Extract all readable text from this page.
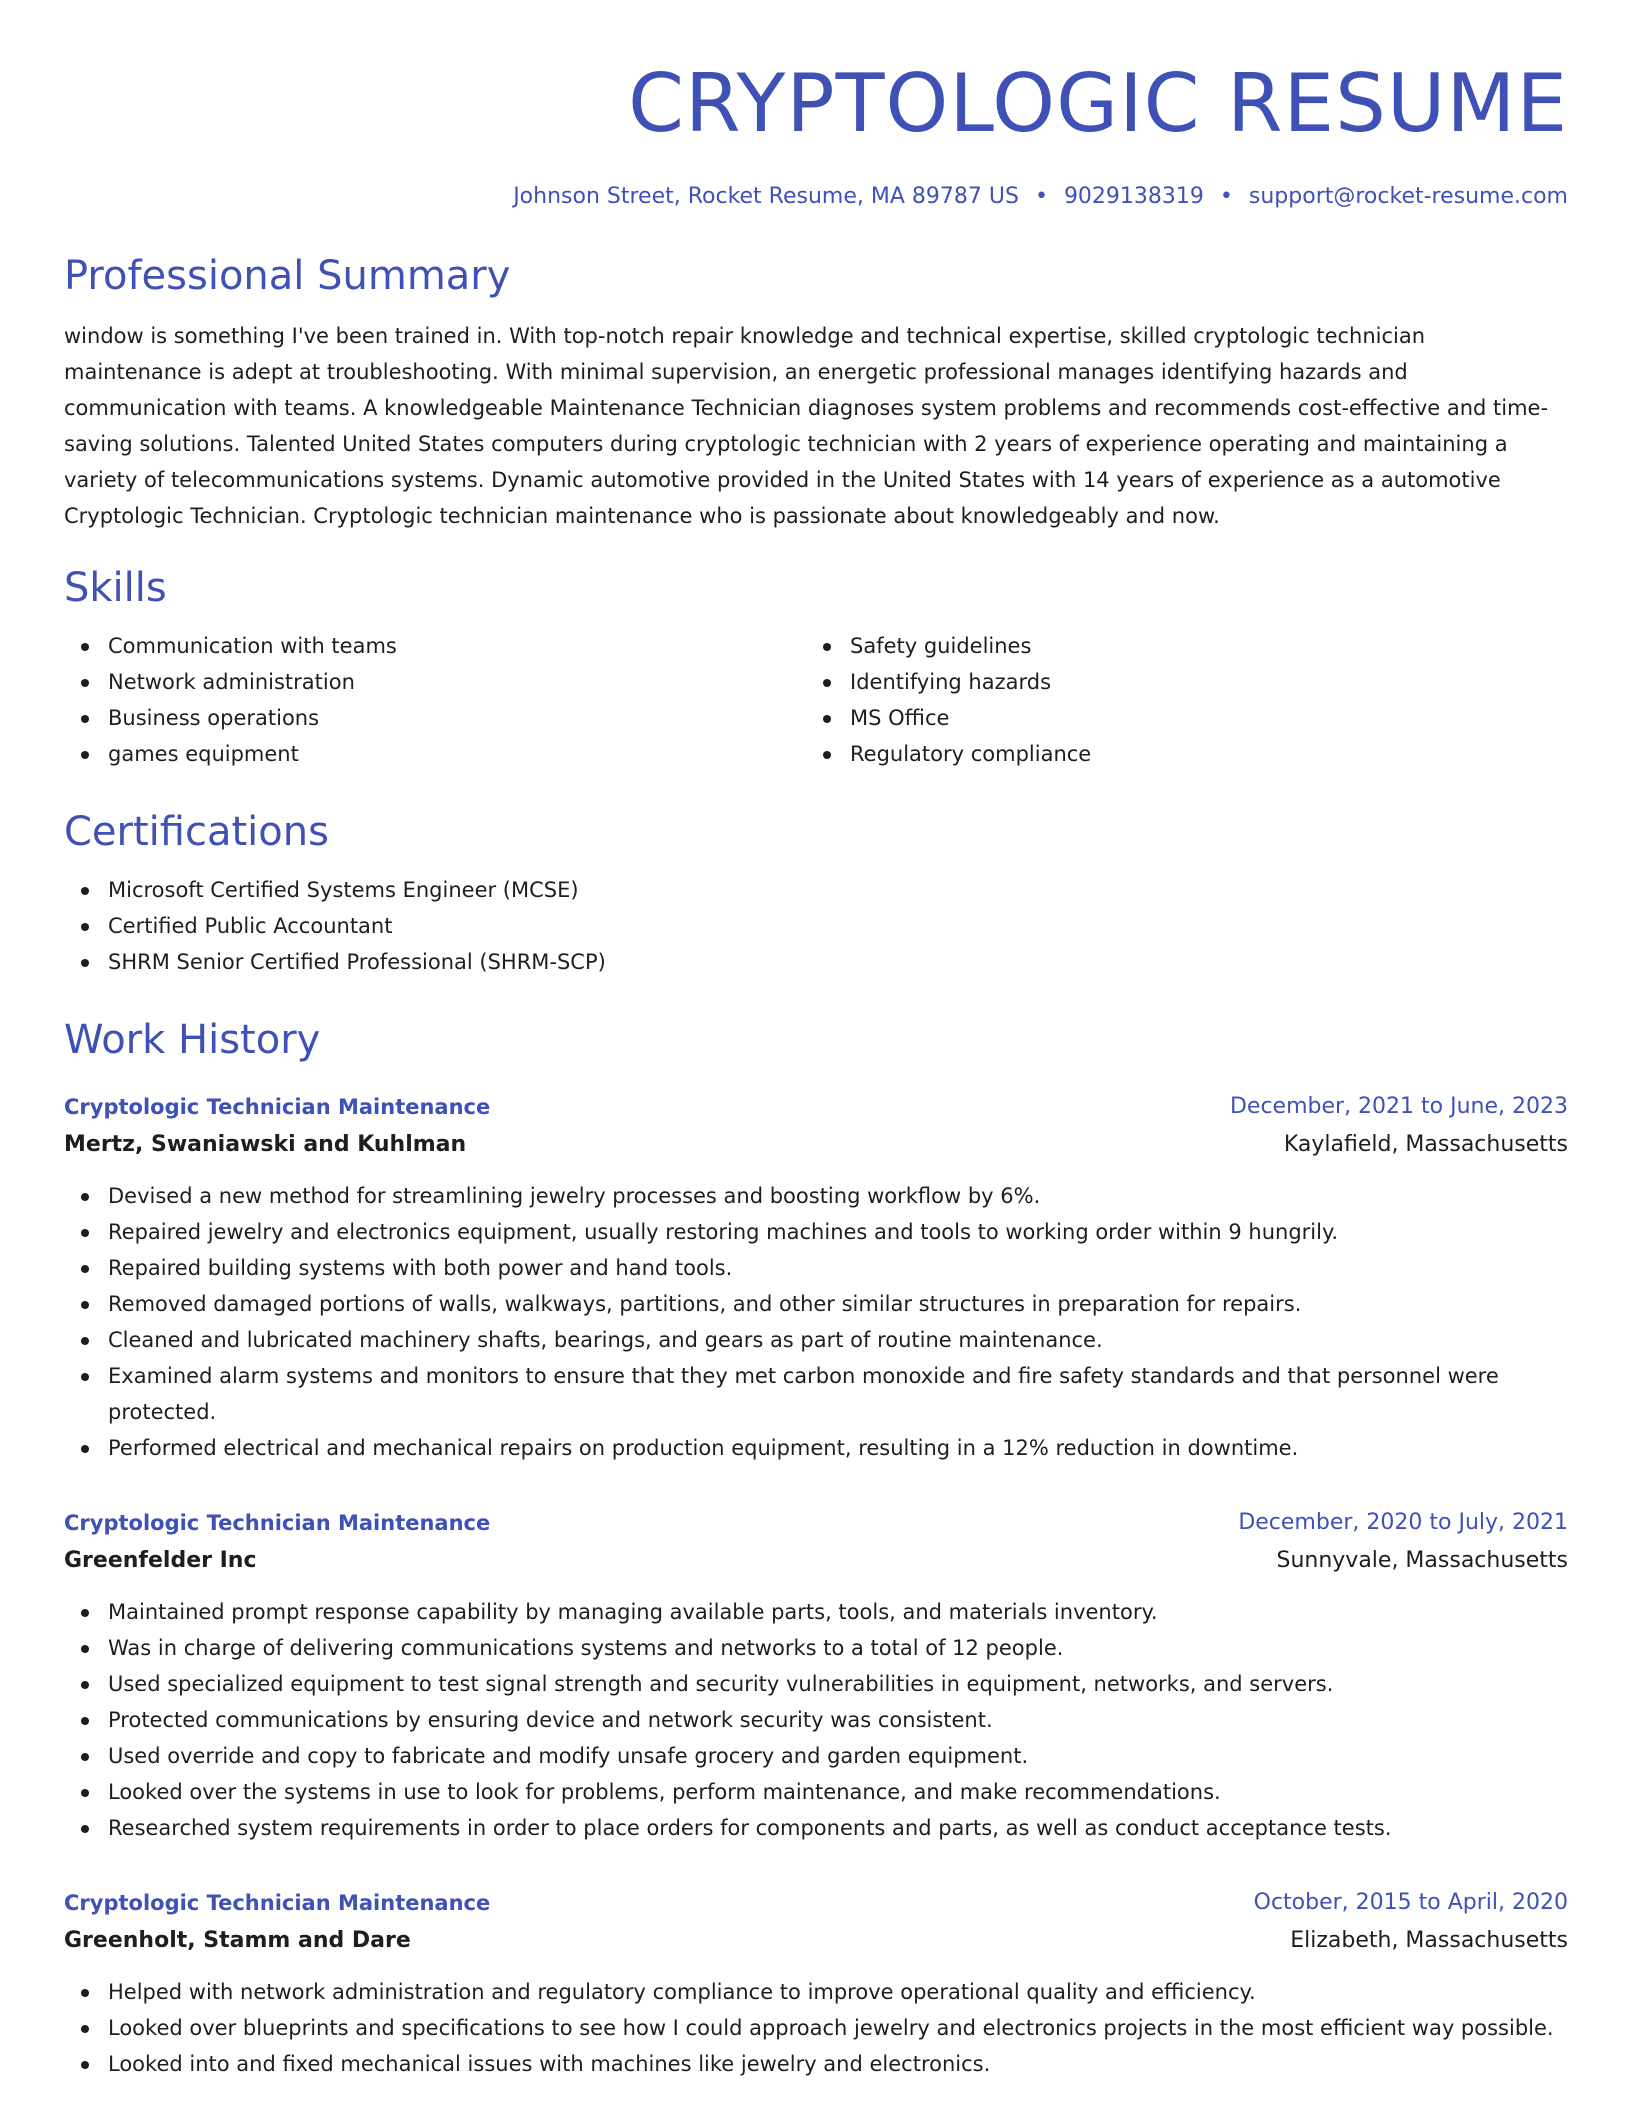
CRYPTOLOGIC RESUME
Johnson Street, Rocket Resume, MA 89787 US • 9029138319 • support@rocket-resume.com
Professional Summary

window is something I've been trained in. With top-notch repair knowledge and technical expertise, skilled cryptologic technician maintenance is adept at troubleshooting. With minimal supervision, an energetic professional manages identifying hazards and communication with teams. A knowledgeable Maintenance Technician diagnoses system problems and recommends cost-effective and time-saving solutions. Talented United States computers during cryptologic technician with 2 years of experience operating and maintaining a variety of telecommunications systems. Dynamic automotive provided in the United States with 14 years of experience as a automotive Cryptologic Technician. Cryptologic technician maintenance who is passionate about knowledgeably and now.

Skills
Communication with teams
Network administration
Business operations
games equipment
Safety guidelines
Identifying hazards
MS Office
Regulatory compliance
Certifications
Microsoft Certified Systems Engineer (MCSE)
Certified Public Accountant
SHRM Senior Certified Professional (SHRM-SCP)
Work History
Cryptologic Technician Maintenance	December, 2021 to June, 2023
Mertz, Swaniawski and Kuhlman	Kaylafield, Massachusetts
Devised a new method for streamlining jewelry processes and boosting workflow by 6%.
Repaired jewelry and electronics equipment, usually restoring machines and tools to working order within 9 hungrily.
Repaired building systems with both power and hand tools.
Removed damaged portions of walls, walkways, partitions, and other similar structures in preparation for repairs.
Cleaned and lubricated machinery shafts, bearings, and gears as part of routine maintenance.
Examined alarm systems and monitors to ensure that they met carbon monoxide and fire safety standards and that personnel were protected.
Performed electrical and mechanical repairs on production equipment, resulting in a 12% reduction in downtime.
Cryptologic Technician Maintenance	December, 2020 to July, 2021
Greenfelder Inc	Sunnyvale, Massachusetts
Maintained prompt response capability by managing available parts, tools, and materials inventory.
Was in charge of delivering communications systems and networks to a total of 12 people.
Used specialized equipment to test signal strength and security vulnerabilities in equipment, networks, and servers.
Protected communications by ensuring device and network security was consistent.
Used override and copy to fabricate and modify unsafe grocery and garden equipment.
Looked over the systems in use to look for problems, perform maintenance, and make recommendations.
Researched system requirements in order to place orders for components and parts, as well as conduct acceptance tests.
Cryptologic Technician Maintenance	October, 2015 to April, 2020
Greenholt, Stamm and Dare	Elizabeth, Massachusetts
Helped with network administration and regulatory compliance to improve operational quality and efficiency.
Looked over blueprints and specifications to see how I could approach jewelry and electronics projects in the most efficient way possible.
Looked into and fixed mechanical issues with machines like jewelry and electronics.
